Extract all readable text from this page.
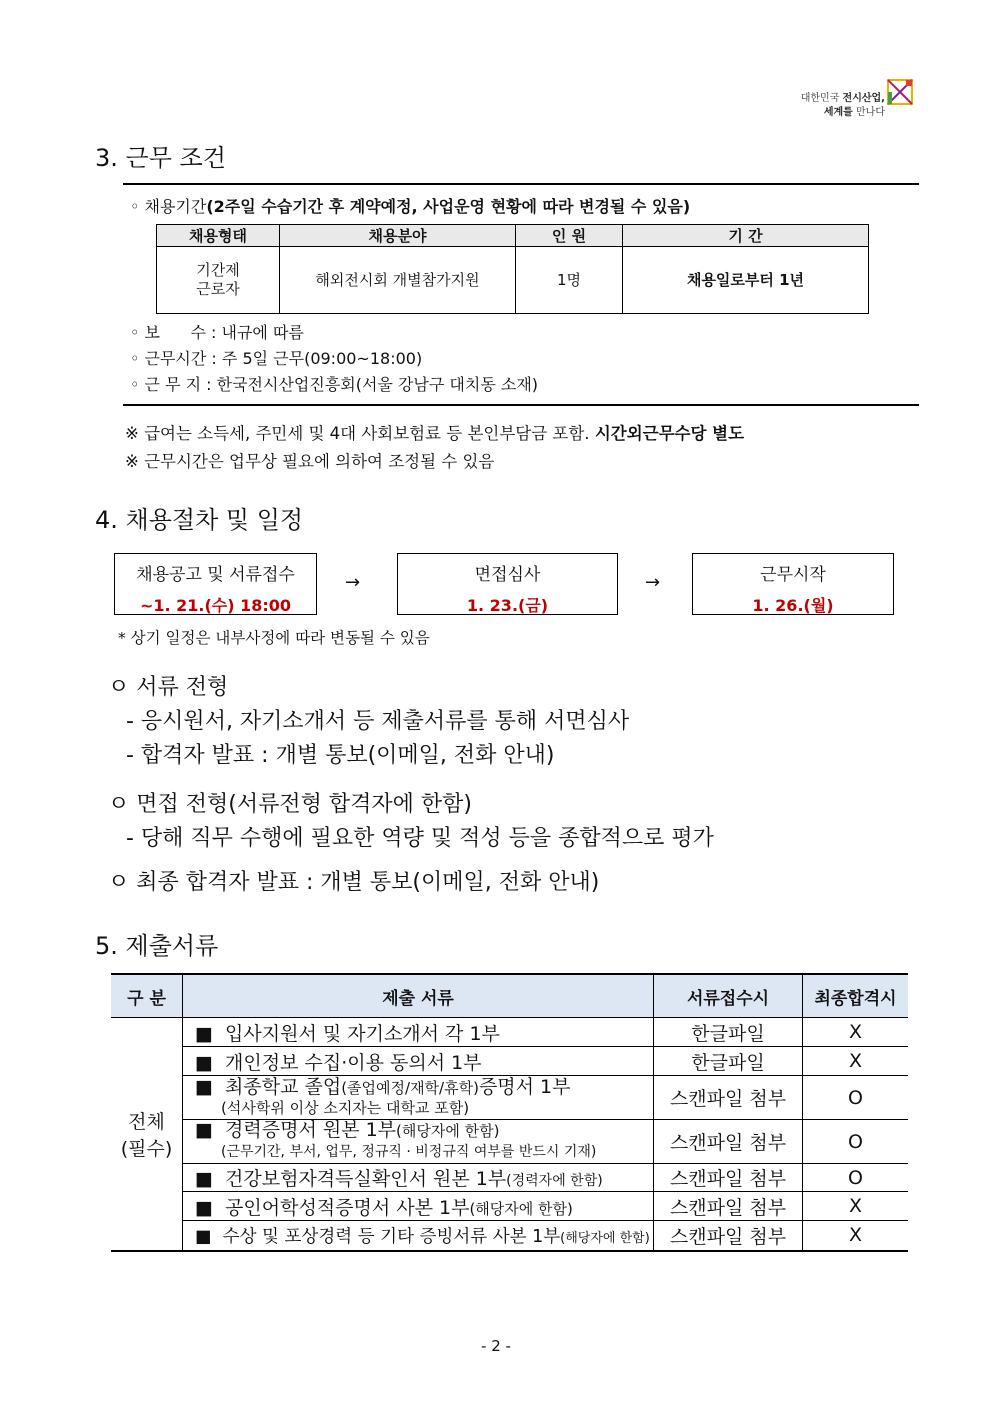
대한민국 전시산업,
세계를 만나다
3. 근무 조건
◦ 채용기간(2주일 수습기간 후 계약예정, 사업운영 현황에 따라 변경될 수 있음)
채용형태	채용분야	인 원	기 간
기간제
근로자	해외전시회 개별참가지원	1명	채용일로부터 1년
◦ 보      수 : 내규에 따름
◦ 근무시간 : 주 5일 근무(09:00~18:00)
◦ 근 무 지 : 한국전시산업진흥회(서울 강남구 대치동 소재)
※ 급여는 소득세, 주민세 및 4대 사회보험료 등 본인부담금 포함. 시간외근무수당 별도
※ 근무시간은 업무상 필요에 의하여 조정될 수 있음
4. 채용절차 및 일정
채용공고 및 서류접수
~1. 21.(수) 18:00
→	면접심사
1. 23.(금)
→	근무시작
1. 26.(월)
* 상기 일정은 내부사정에 따라 변동될 수 있음
ㅇ 서류 전형
- 응시원서, 자기소개서 등 제출서류를 통해 서면심사
- 합격자 발표 : 개별 통보(이메일, 전화 안내)
ㅇ 면접 전형(서류전형 합격자에 한함)
- 당해 직무 수행에 필요한 역량 및 적성 등을 종합적으로 평가
ㅇ 최종 합격자 발표 : 개별 통보(이메일, 전화 안내)
5. 제출서류
구 분	제출 서류	서류접수시	최종합격시
전체
(필수)	■  입사지원서 및 자기소개서 각 1부	한글파일	X
	■  개인정보 수집·이용 동의서 1부	한글파일	X
	■  최종학교 졸업(졸업예정/재학/휴학)증명서 1부
(석사학위 이상 소지자는 대학교 포함)	스캔파일 첨부	O
	■  경력증명서 원본 1부(해당자에 한함)
(근무기간, 부서, 업무, 정규직 · 비정규직 여부를 반드시 기재)	스캔파일 첨부	O
	■  건강보험자격득실확인서 원본 1부(경력자에 한함)	스캔파일 첨부	O
	■  공인어학성적증명서 사본 1부(해당자에 한함)	스캔파일 첨부	X
	■  수상 및 포상경력 등 기타 증빙서류 사본 1부(해당자에 한함)	스캔파일 첨부	X
- 2 -
